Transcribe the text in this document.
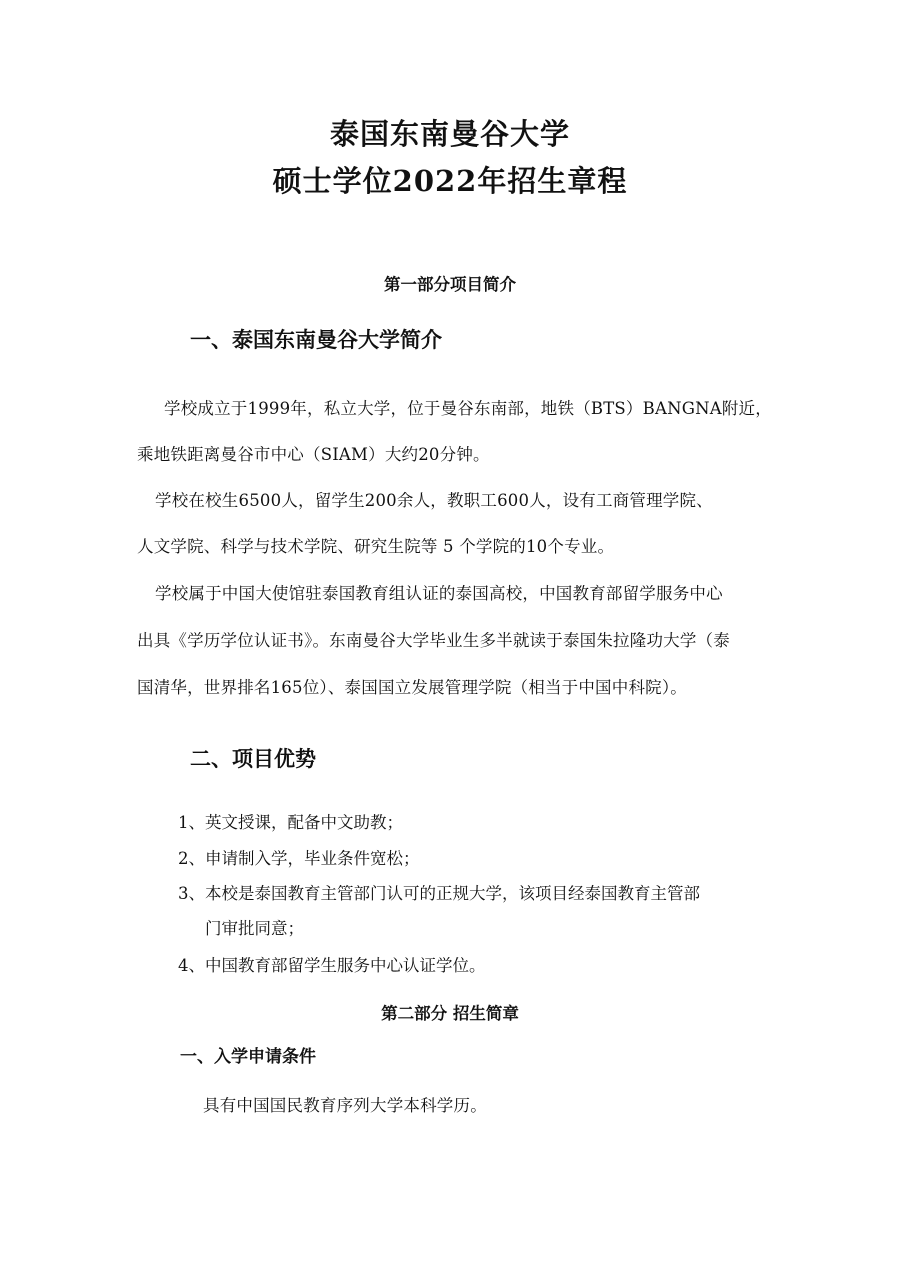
泰国东南曼谷大学
硕士学位2022年招生章程
第一部分项目简介
一、泰国东南曼谷大学简介
学校成立于1999年，私立大学，位于曼谷东南部，地铁（BTS）BANGNA附近，
乘地铁距离曼谷市中心（SIAM）大约20分钟。
学校在校生6500人，留学生200余人，教职工600人，设有工商管理学院、
人文学院、科学与技术学院、研究生院等 5 个学院的10个专业。
学校属于中国大使馆驻泰国教育组认证的泰国高校，中国教育部留学服务中心
出具《学历学位认证书》。东南曼谷大学毕业生多半就读于泰国朱拉隆功大学（泰
国清华，世界排名165位）、泰国国立发展管理学院（相当于中国中科院）。
二、项目优势
1、英文授课，配备中文助教；
2、申请制入学，毕业条件宽松；
3、本校是泰国教育主管部门认可的正规大学，该项目经泰国教育主管部
门审批同意；
4、中国教育部留学生服务中心认证学位。
第二部分 招生简章
一、入学申请条件
具有中国国民教育序列大学本科学历。
